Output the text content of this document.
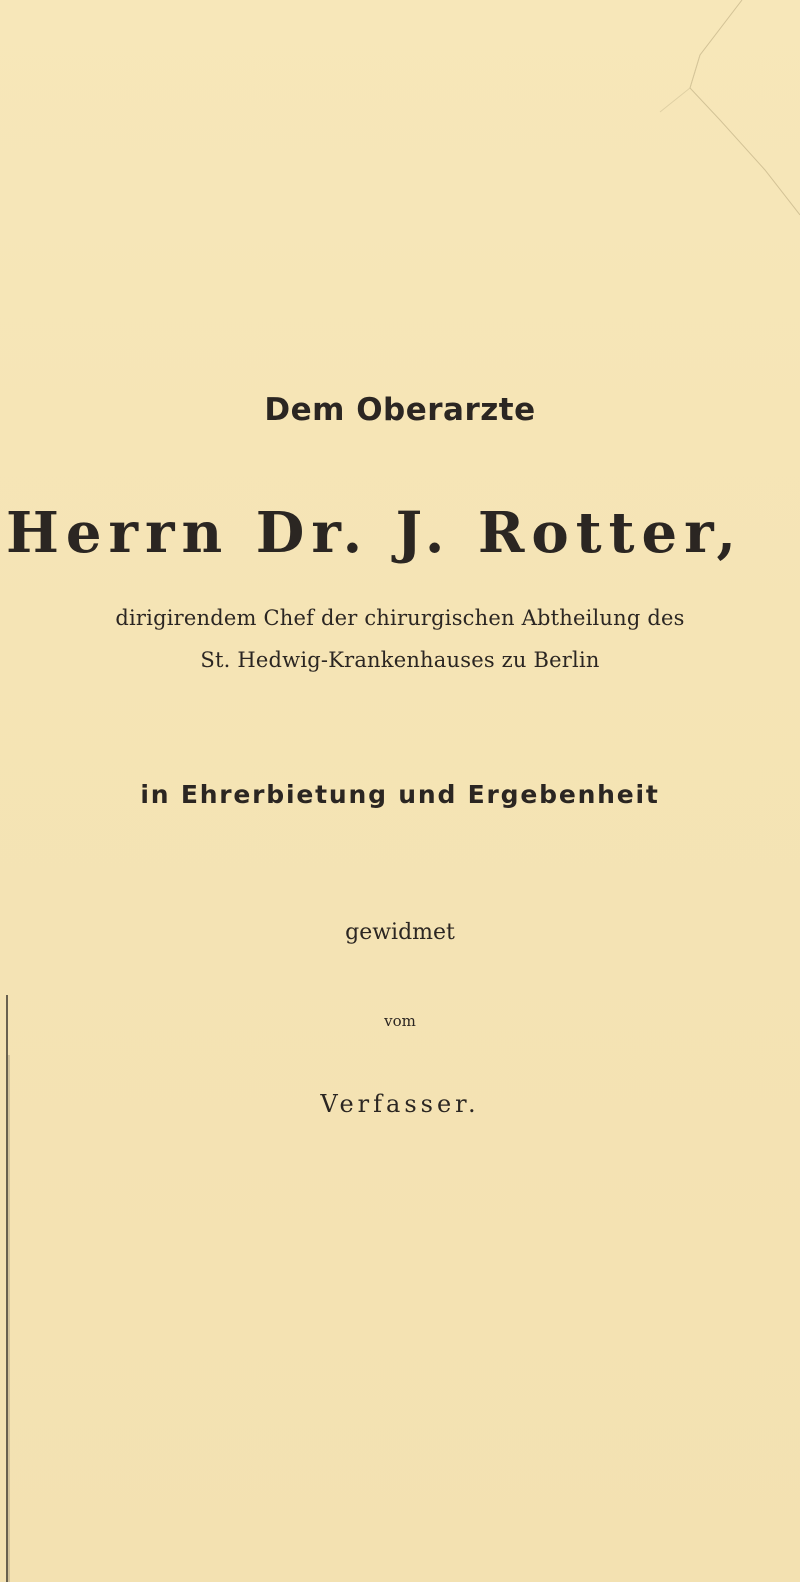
Dem Oberarzte
Herrn Dr. J. Rotter,
dirigirendem Chef der chirurgischen Abtheilung des
St. Hedwig-Krankenhauses zu Berlin
in Ehrerbietung und Ergebenheit
gewidmet
vom
Verfasser.
